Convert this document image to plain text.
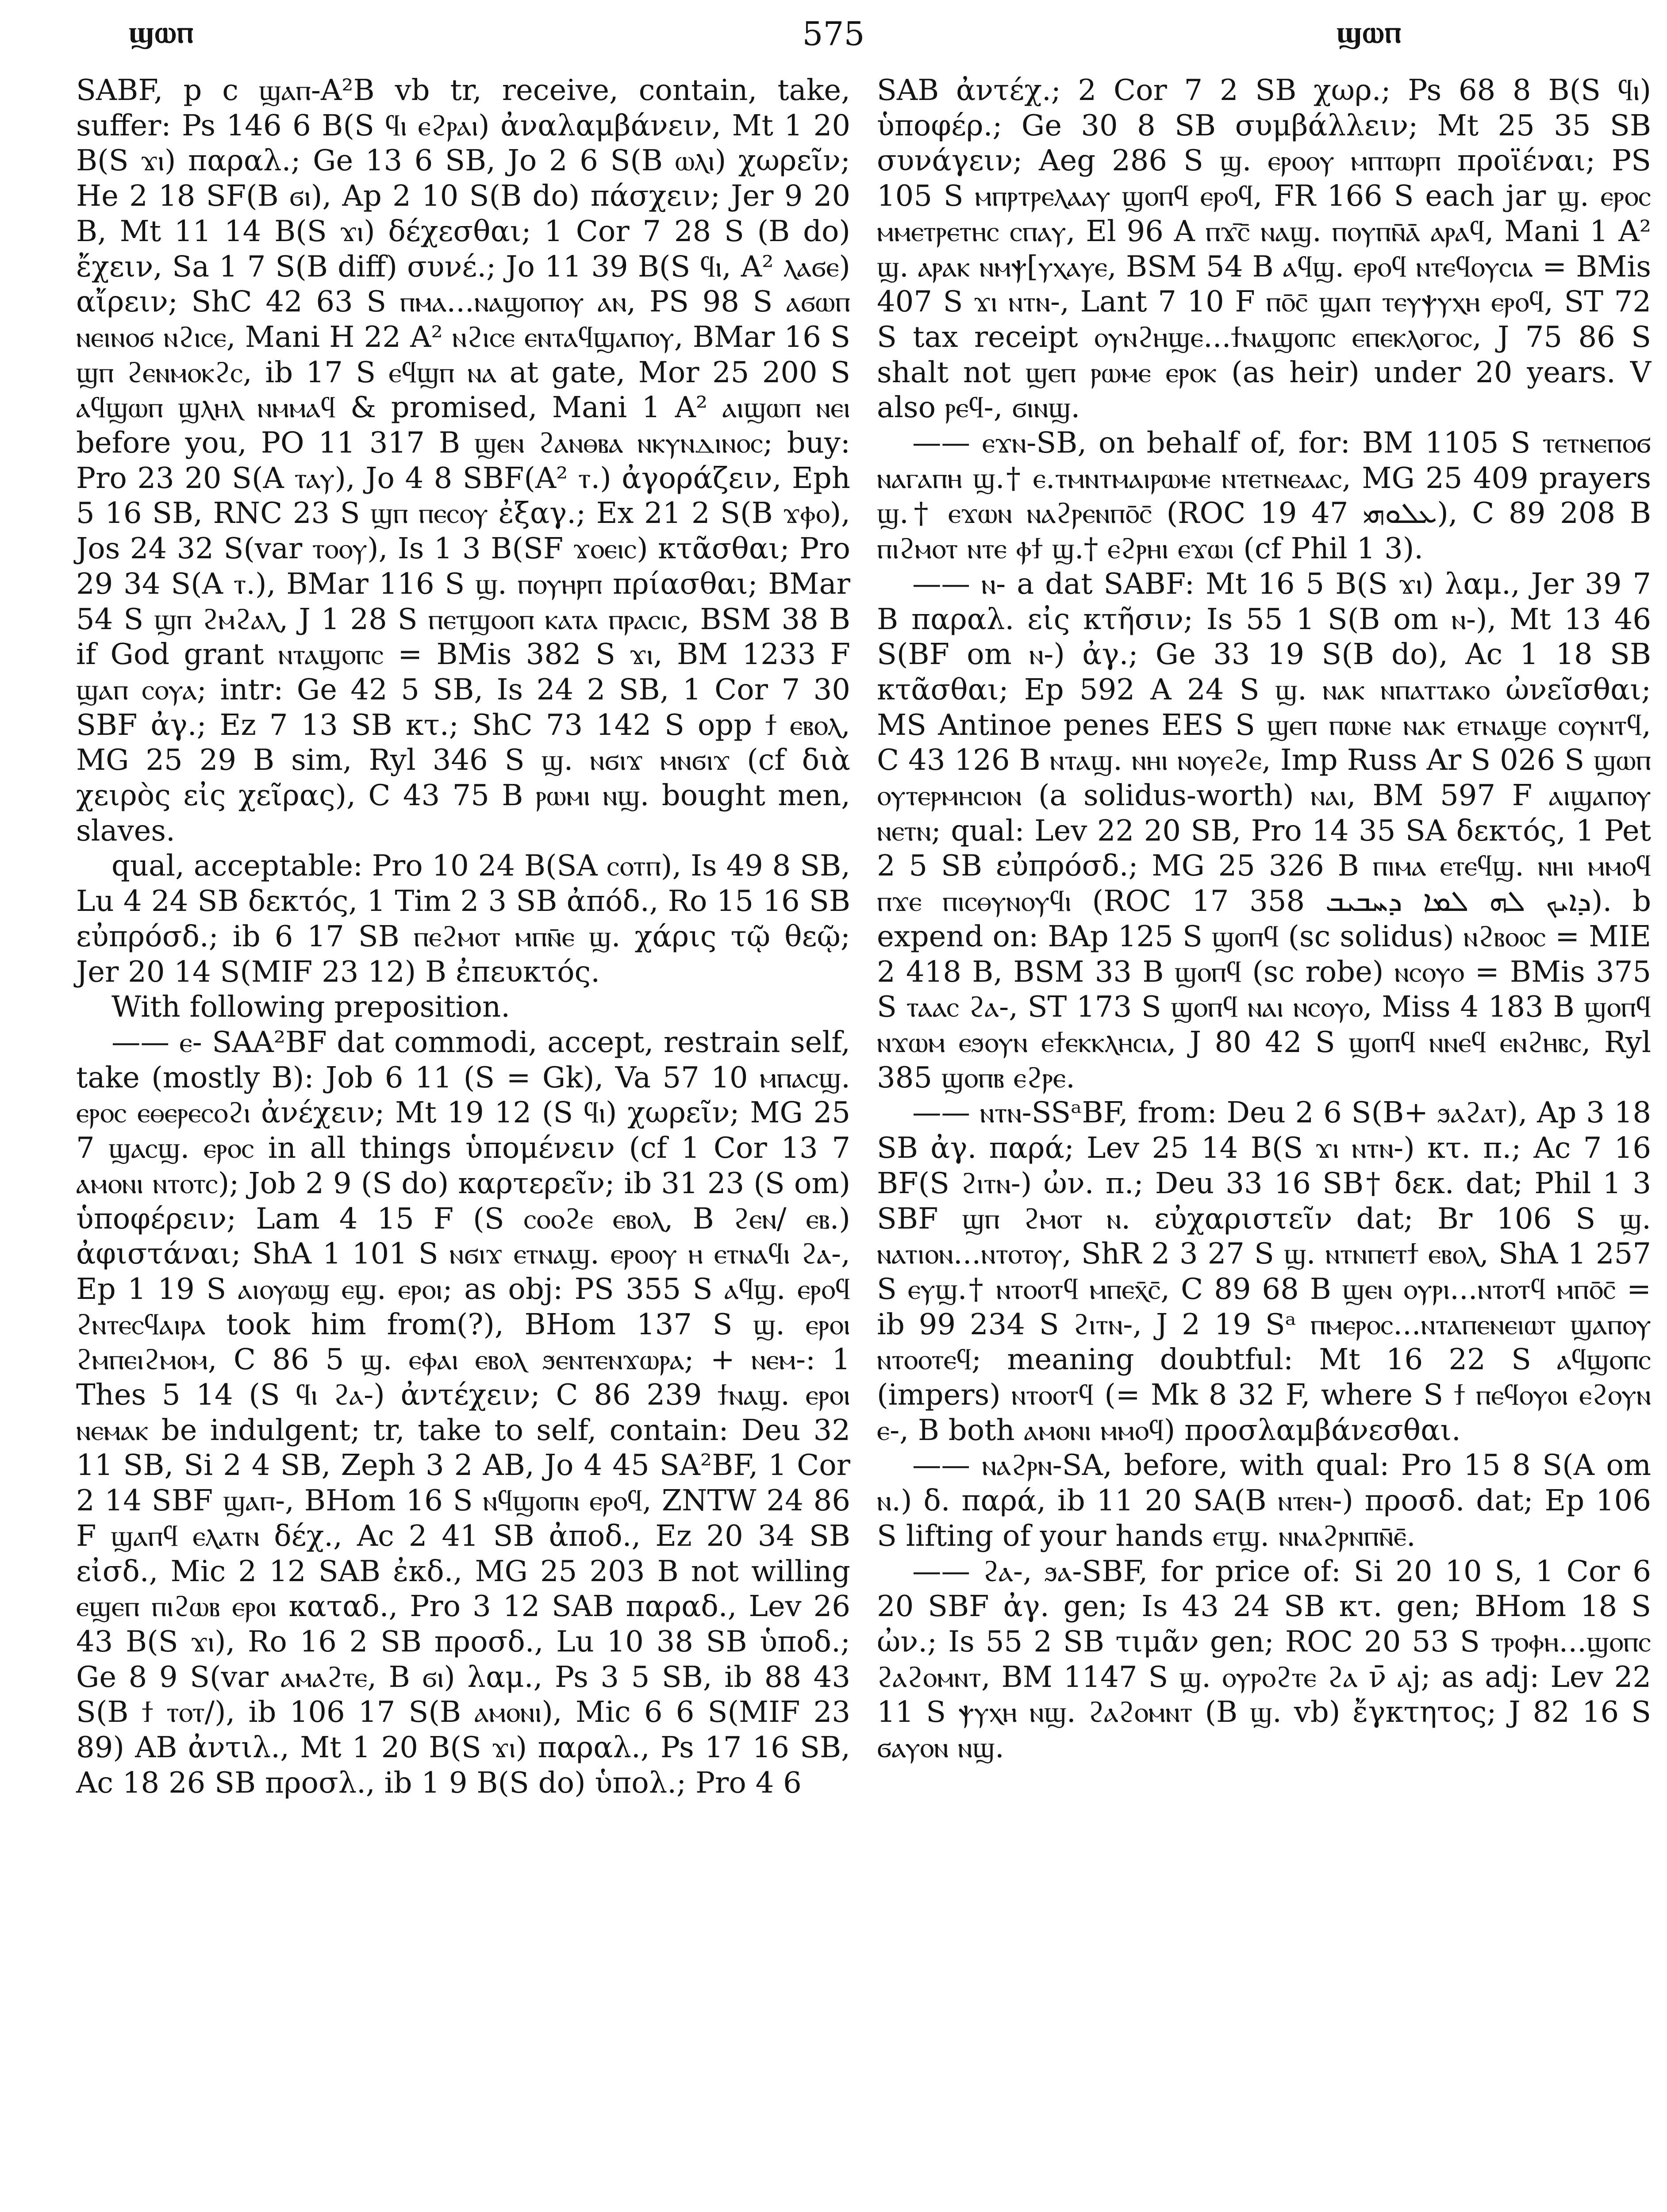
ϣⲱⲡ	575	ϣⲱⲡ

SABF, p c ϣⲁⲡ-A²B vb tr, receive, contain, take, suffer: Ps 146 6 B(S ϥⲓ ⲉϩⲣⲁⲓ) ἀναλαμβάνειν, Mt 1 20 B(S ϫⲓ) παραλ.; Ge 13 6 SB, Jo 2 6 S(B ⲱⲗⲓ) χωρεῖν; He 2 18 SF(B ϭⲓ), Ap 2 10 S(B do) πάσχειν; Jer 9 20 B, Mt 11 14 B(S ϫⲓ) δέχεσθαι; 1 Cor 7 28 S (B do) ἔχειν, Sa 1 7 S(B diff) συνέ.; Jo 11 39 B(S ϥⲓ, A² ⲗⲁϭⲉ) αἴρειν; ShC 42 63 S ⲡⲙⲁ...ⲛⲁϣⲟⲡⲟⲩ ⲁⲛ, PS 98 S ⲁϭⲱⲡ ⲛⲉⲓⲛⲟϭ ⲛϩⲓⲥⲉ, Mani H 22 A² ⲛϩⲓⲥⲉ ⲉⲛⲧⲁϥϣⲁⲡⲟⲩ, BMar 16 S ϣⲡ ϩⲉⲛⲙⲟⲕϩⲥ, ib 17 S ⲉϥϣⲡ ⲛⲁ at gate, Mor 25 200 S ⲁϥϣⲱⲡ ϣⲗⲏⲗ ⲛⲙⲙⲁϥ & promised, Mani 1 A² ⲁⲓϣⲱⲡ ⲛⲉⲓ before you, PO 11 317 B ϣⲉⲛ ϩⲁⲛⲑⲃⲁ ⲛⲕⲩⲛⲇⲓⲛⲟⲥ; buy: Pro 23 20 S(A ⲧⲁⲩ), Jo 4 8 SBF(A² ⲧ.) ἀγοράζειν, Eph 5 16 SB, RNC 23 S ϣⲡ ⲡⲉⲥⲟⲩ ἐξαγ.; Ex 21 2 S(B ϫⲫⲟ), Jos 24 32 S(var ⲧⲟⲟⲩ), Is 1 3 B(SF ϫⲟⲉⲓⲥ) κτᾶσθαι; Pro 29 34 S(A ⲧ.), BMar 116 S ϣ. ⲡⲟⲩⲏⲣⲡ πρίασθαι; BMar 54 S ϣⲡ ϩⲙϩⲁⲗ, J 1 28 S ⲡⲉⲧϣⲟⲟⲡ ⲕⲁⲧⲁ ⲡⲣⲁⲥⲓⲥ, BSM 38 B if God grant ⲛⲧⲁϣⲟⲡⲥ = BMis 382 S ϫⲓ, BM 1233 F ϣⲁⲡ ⲥⲟⲩⲁ; intr: Ge 42 5 SB, Is 24 2 SB, 1 Cor 7 30 SBF ἀγ.; Ez 7 13 SB κτ.; ShC 73 142 S opp ϯ ⲉⲃⲟⲗ, MG 25 29 B sim, Ryl 346 S ϣ. ⲛϭⲓϫ ⲙⲛϭⲓϫ (cf διὰ χειρὸς εἰς χεῖρας), C 43 75 B ⲣⲱⲙⲓ ⲛϣ. bought men, slaves.

qual, acceptable: Pro 10 24 B(SA ⲥⲟⲧⲡ), Is 49 8 SB, Lu 4 24 SB δεκτός, 1 Tim 2 3 SB ἀπόδ., Ro 15 16 SB εὐπρόσδ.; ib 6 17 SB ⲡⲉϩⲙⲟⲧ ⲙⲡⲛ̄ⲉ ϣ. χάρις τῷ θεῷ; Jer 20 14 S(MIF 23 12) B ἐπευκτός.

With following preposition.

—— ⲉ- SAA²BF dat commodi, accept, restrain self, take (mostly B): Job 6 11 (S = Gk), Va 57 10 ⲙⲡⲁⲥϣ. ⲉⲣⲟⲥ ⲉⲑⲉⲣⲉⲥⲟϩⲓ ἀνέχειν; Mt 19 12 (S ϥⲓ) χωρεῖν; MG 25 7 ϣⲁⲥϣ. ⲉⲣⲟⲥ in all things ὑπομένειν (cf 1 Cor 13 7 ⲁⲙⲟⲛⲓ ⲛⲧⲟⲧⲥ); Job 2 9 (S do) καρτερεῖν; ib 31 23 (S om) ὑποφέρειν; Lam 4 15 F (S ⲥⲟⲟϩⲉ ⲉⲃⲟⲗ, B ϩⲉⲛ/ ⲉⲃ.) ἀφιστάναι; ShA 1 101 S ⲛϭⲓϫ ⲉⲧⲛⲁϣ. ⲉⲣⲟⲟⲩ ⲏ ⲉⲧⲛⲁϥⲓ ϩⲁ-, Ep 1 19 S ⲁⲓⲟⲩⲱϣ ⲉϣ. ⲉⲣⲟⲓ; as obj: PS 355 S ⲁϥϣ. ⲉⲣⲟϥ ϩⲛⲧⲉⲥϥⲁⲓⲣⲁ took him from(?), BHom 137 S ϣ. ⲉⲣⲟⲓ ϩⲙⲡⲉⲓϩⲙⲟⲙ, C 86 5 ϣ. ⲉⲫⲁⲓ ⲉⲃⲟⲗ ϧⲉⲛⲧⲉⲛϫⲱⲣⲁ; + ⲛⲉⲙ-: 1 Thes 5 14 (S ϥⲓ ϩⲁ-) ἀντέχειν; C 86 239 ϯⲛⲁϣ. ⲉⲣⲟⲓ ⲛⲉⲙⲁⲕ be indulgent; tr, take to self, contain: Deu 32 11 SB, Si 2 4 SB, Zeph 3 2 AB, Jo 4 45 SA²BF, 1 Cor 2 14 SBF ϣⲁⲡ-, BHom 16 S ⲛϥϣⲟⲡⲛ ⲉⲣⲟϥ, ZNTW 24 86 F ϣⲁⲡϥ ⲉⲗⲁⲧⲛ δέχ., Ac 2 41 SB ἀποδ., Ez 20 34 SB εἰσδ., Mic 2 12 SAB ἐκδ., MG 25 203 B not willing ⲉϣⲉⲡ ⲡⲓϩⲱⲃ ⲉⲣⲟⲓ καταδ., Pro 3 12 SAB παραδ., Lev 26 43 B(S ϫⲓ), Ro 16 2 SB προσδ., Lu 10 38 SB ὑποδ.; Ge 8 9 S(var ⲁⲙⲁϩⲧⲉ, B ϭⲓ) λαμ., Ps 3 5 SB, ib 88 43 S(B ϯ ⲧⲟⲧ/), ib 106 17 S(B ⲁⲙⲟⲛⲓ), Mic 6 6 S(MIF 23 89) AB ἀντιλ., Mt 1 20 B(S ϫⲓ) παραλ., Ps 17 16 SB, Ac 18 26 SB προσλ., ib 1 9 B(S do) ὑπολ.; Pro 4 6

SAB ἀντέχ.; 2 Cor 7 2 SB χωρ.; Ps 68 8 B(S ϥⲓ) ὑποφέρ.; Ge 30 8 SB συμβάλλειν; Mt 25 35 SB συνάγειν; Aeg 286 S ϣ. ⲉⲣⲟⲟⲩ ⲙⲡⲧⲱⲣⲡ προϊέναι; PS 105 S ⲙⲡⲣⲧⲣⲉⲗⲁⲁⲩ ϣⲟⲡϥ ⲉⲣⲟϥ, FR 166 S each jar ϣ. ⲉⲣⲟⲥ ⲙⲙⲉⲧⲣⲉⲧⲏⲥ ⲥⲡⲁⲩ, El 96 A ⲡϫ̄ⲥ̄ ⲛⲁϣ. ⲡⲟⲩⲡⲛ̄ⲁ̄ ⲁⲣⲁϥ, Mani 1 A² ϣ. ⲁⲣⲁⲕ ⲛⲙⲯ[ⲩⲭⲁⲩⲉ, BSM 54 B ⲁϥϣ. ⲉⲣⲟϥ ⲛⲧⲉϥⲟⲩⲥⲓⲁ = BMis 407 S ϫⲓ ⲛⲧⲛ-, Lant 7 10 F ⲡⲟ̄ⲥ̄ ϣⲁⲡ ⲧⲉⲩⲯⲩⲭⲏ ⲉⲣⲟϥ, ST 72 S tax receipt ⲟⲩⲛϩⲏϣⲉ...ϯⲛⲁϣⲟⲡⲥ ⲉⲡⲉⲕⲗⲟⲅⲟⲥ, J 75 86 S shalt not ϣⲉⲡ ⲣⲱⲙⲉ ⲉⲣⲟⲕ (as heir) under 20 years. V also ⲣⲉϥ-, ϭⲓⲛϣ.

—— ⲉϫⲛ-SB, on behalf of, for: BM 1105 S ⲧⲉⲧⲛⲉⲡⲟϭ ⲛⲁⲅⲁⲡⲏ ϣ.† ⲉ.ⲧⲙⲛⲧⲙⲁⲓⲣⲱⲙⲉ ⲛⲧⲉⲧⲛⲉⲁⲁⲥ, MG 25 409 prayers ϣ.† ⲉϫⲱⲛ ⲛⲁϩⲣⲉⲛⲡⲟ̄ⲥ̄ (ROC 19 47 ܥܠܘܗܝ), C 89 208 B ⲡⲓϩⲙⲟⲧ ⲛⲧⲉ ⲫϯ ϣ.† ⲉϩⲣⲏⲓ ⲉϫⲱⲓ (cf Phil 1 3).

—— ⲛ- a dat SABF: Mt 16 5 B(S ϫⲓ) λαμ., Jer 39 7 B παραλ. εἰς κτῆσιν; Is 55 1 S(B om ⲛ-), Mt 13 46 S(BF om ⲛ-) ἀγ.; Ge 33 19 S(B do), Ac 1 18 SB κτᾶσθαι; Ep 592 A 24 S ϣ. ⲛⲁⲕ ⲛⲡⲁⲧⲧⲁⲕⲟ ὠνεῖσθαι; MS Antinoe penes EES S ϣⲉⲡ ⲡⲱⲛⲉ ⲛⲁⲕ ⲉⲧⲛⲁϣⲉ ⲥⲟⲩⲛⲧϥ, C 43 126 B ⲛⲧⲁϣ. ⲛⲏⲓ ⲛⲟⲩⲉϩⲉ, Imp Russ Ar S 026 S ϣⲱⲡ ⲟⲩⲧⲉⲣⲙⲏⲥⲓⲟⲛ (a solidus-worth) ⲛⲁⲓ, BM 597 F ⲁⲓϣⲁⲡⲟⲩ ⲛⲉⲧⲛ; qual: Lev 22 20 SB, Pro 14 35 SA δεκτός, 1 Pet 2 5 SB εὐπρόσδ.; MG 25 326 B ⲡⲓⲙⲁ ⲉⲧⲉϥϣ. ⲛⲏⲓ ⲙⲙⲟϥ ⲡϫⲉ ⲡⲓⲥⲑⲩⲛⲟⲩϥⲓ (ROC 17 358 ܕܐܝܟ ܠܗ ܠܡܐ ܕܚܒܝܒ). b expend on: BAp 125 S ϣⲟⲡϥ (sc solidus) ⲛϩⲃⲟⲟⲥ = MIE 2 418 B, BSM 33 B ϣⲟⲡϥ (sc robe) ⲛⲥⲟⲩⲟ = BMis 375 S ⲧⲁⲁⲥ ϩⲁ-, ST 173 S ϣⲟⲡϥ ⲛⲁⲓ ⲛⲥⲟⲩⲟ, Miss 4 183 B ϣⲟⲡϥ ⲛϫⲱⲙ ⲉϧⲟⲩⲛ ⲉϯⲉⲕⲕⲗⲏⲥⲓⲁ, J 80 42 S ϣⲟⲡϥ ⲛⲛⲉϥ ⲉⲛϩⲏⲃⲥ, Ryl 385 ϣⲟⲡⲃ ⲉϩⲣⲉ.

—— ⲛⲧⲛ-SSᵃBF, from: Deu 2 6 S(B+ ϧⲁϩⲁⲧ), Ap 3 18 SB ἀγ. παρά; Lev 25 14 B(S ϫⲓ ⲛⲧⲛ-) κτ. π.; Ac 7 16 BF(S ϩⲓⲧⲛ-) ὠν. π.; Deu 33 16 SB† δεκ. dat; Phil 1 3 SBF ϣⲡ ϩⲙⲟⲧ ⲛ. εὐχαριστεῖν dat; Br 106 S ϣ. ⲛⲁⲧⲓⲟⲛ...ⲛⲧⲟⲧⲟⲩ, ShR 2 3 27 S ϣ. ⲛⲧⲛⲡⲉⲧϯ ⲉⲃⲟⲗ, ShA 1 257 S ⲉⲩϣ.† ⲛⲧⲟⲟⲧϥ ⲙⲡⲉⲭ̄ⲥ̄, C 89 68 B ϣⲉⲛ ⲟⲩⲣⲓ...ⲛⲧⲟⲧϥ ⲙⲡⲟ̄ⲥ̄ = ib 99 234 S ϩⲓⲧⲛ-, J 2 19 Sᵃ ⲡⲙⲉⲣⲟⲥ...ⲛⲧⲁⲡⲉⲛⲉⲓⲱⲧ ϣⲁⲡⲟⲩ ⲛⲧⲟⲟⲧⲉϥ; meaning doubtful: Mt 16 22 S ⲁϥϣⲟⲡⲥ (impers) ⲛⲧⲟⲟⲧϥ (= Mk 8 32 F, where S ϯ ⲡⲉϥⲟⲩⲟⲓ ⲉϩⲟⲩⲛ ⲉ-, B both ⲁⲙⲟⲛⲓ ⲙⲙⲟϥ) προσλαμβάνεσθαι.

—— ⲛⲁϩⲣⲛ-SA, before, with qual: Pro 15 8 S(A om ⲛ.) δ. παρά, ib 11 20 SA(B ⲛⲧⲉⲛ-) προσδ. dat; Ep 106 S lifting of your hands ⲉⲧϣ. ⲛⲛⲁϩⲣⲛⲡⲛ̄ⲉ̄.

—— ϩⲁ-, ϧⲁ-SBF, for price of: Si 20 10 S, 1 Cor 6 20 SBF ἀγ. gen; Is 43 24 SB κτ. gen; BHom 18 S ὠν.; Is 55 2 SB τιμᾶν gen; ROC 20 53 S ⲧⲣⲟⲫⲏ...ϣⲟⲡⲥ ϩⲁϩⲟⲙⲛⲧ, BM 1147 S ϣ. ⲟⲩⲣⲟϩⲧⲉ ϩⲁ ν̄ ⲁϳ; as adj: Lev 22 11 S ⲯⲩⲭⲏ ⲛϣ. ϩⲁϩⲟⲙⲛⲧ (B ϣ. vb) ἔγκτητος; J 82 16 S ϭⲁⲩⲟⲛ ⲛϣ.
